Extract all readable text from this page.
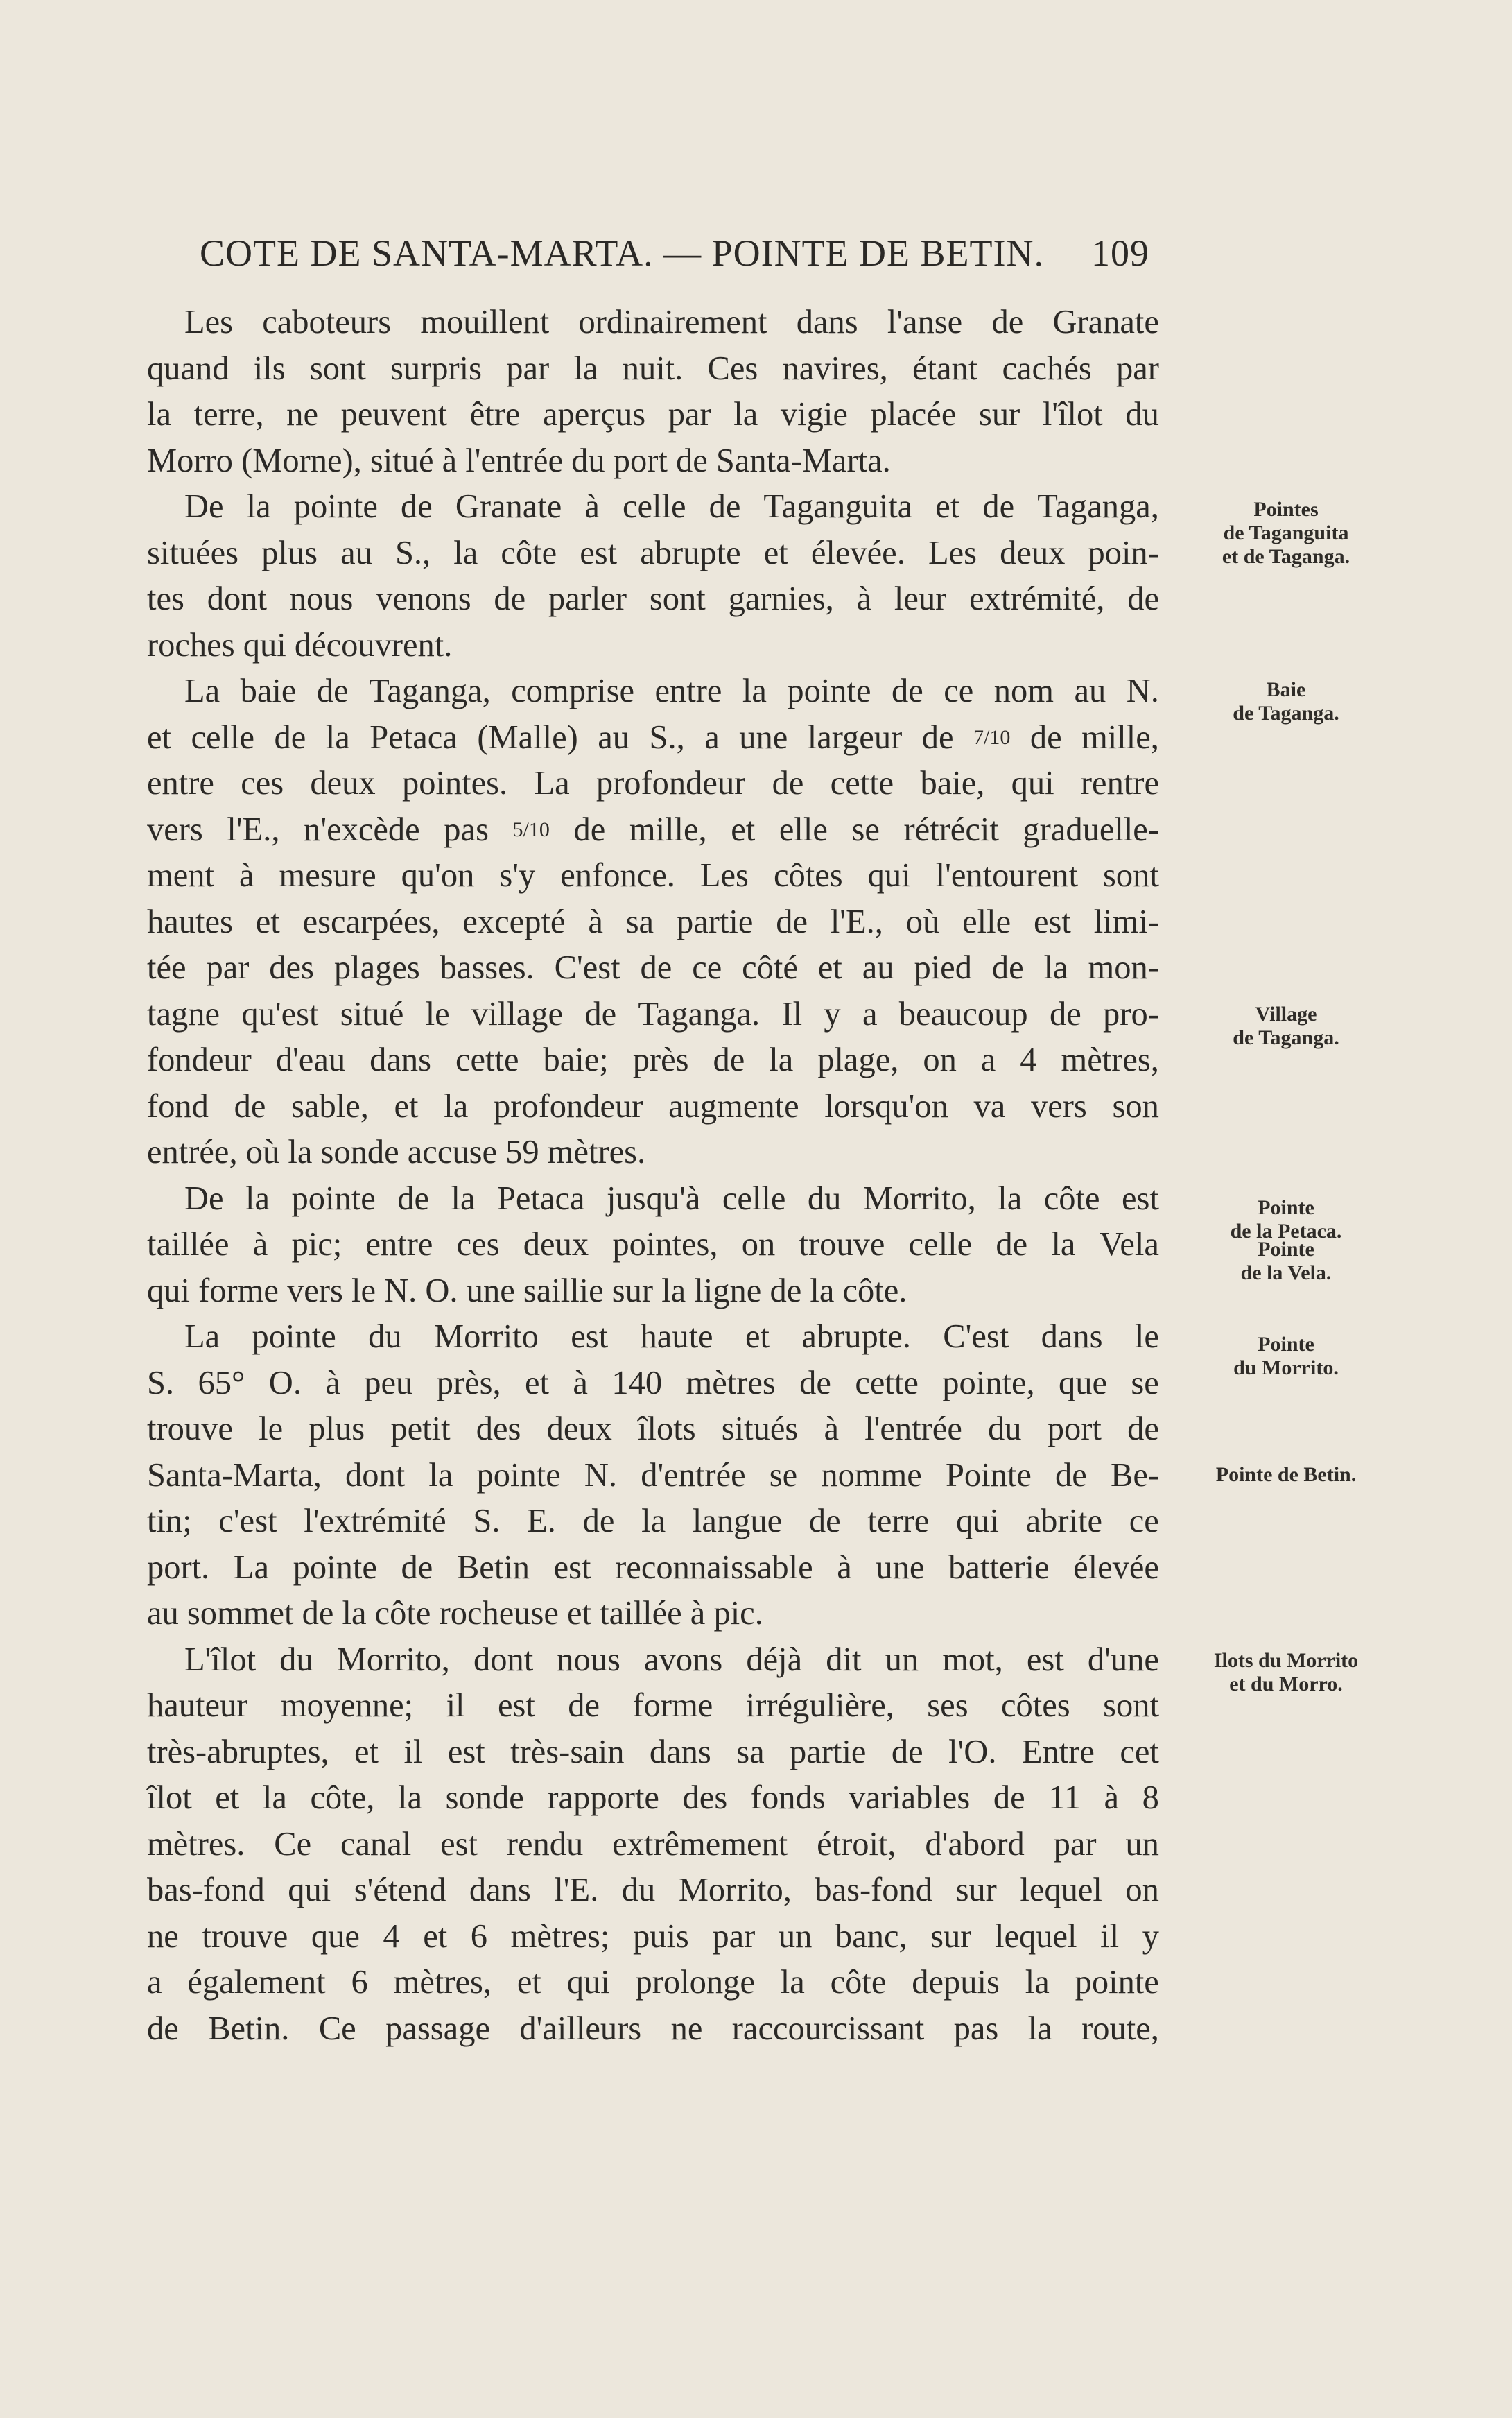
COTE DE SANTA-MARTA. — POINTE DE BETIN. 109
Les caboteurs mouillent ordinairement dans l'anse de Granate
quand ils sont surpris par la nuit. Ces navires, étant cachés par
la terre, ne peuvent être aperçus par la vigie placée sur l'îlot du
Morro (Morne), situé à l'entrée du port de Santa-Marta.
De la pointe de Granate à celle de Taganguita et de Taganga,
situées plus au S., la côte est abrupte et élevée. Les deux poin-
tes dont nous venons de parler sont garnies, à leur extrémité, de
roches qui découvrent.
La baie de Taganga, comprise entre la pointe de ce nom au N.
et celle de la Petaca (Malle) au S., a une largeur de 7/10 de mille,
entre ces deux pointes. La profondeur de cette baie, qui rentre
vers l'E., n'excède pas 5/10 de mille, et elle se rétrécit graduelle-
ment à mesure qu'on s'y enfonce. Les côtes qui l'entourent sont
hautes et escarpées, excepté à sa partie de l'E., où elle est limi-
tée par des plages basses. C'est de ce côté et au pied de la mon-
tagne qu'est situé le village de Taganga. Il y a beaucoup de pro-
fondeur d'eau dans cette baie; près de la plage, on a 4 mètres,
fond de sable, et la profondeur augmente lorsqu'on va vers son
entrée, où la sonde accuse 59 mètres.
De la pointe de la Petaca jusqu'à celle du Morrito, la côte est
taillée à pic; entre ces deux pointes, on trouve celle de la Vela
qui forme vers le N. O. une saillie sur la ligne de la côte.
La pointe du Morrito est haute et abrupte. C'est dans le
S. 65° O. à peu près, et à 140 mètres de cette pointe, que se
trouve le plus petit des deux îlots situés à l'entrée du port de
Santa-Marta, dont la pointe N. d'entrée se nomme Pointe de Be-
tin; c'est l'extrémité S. E. de la langue de terre qui abrite ce
port. La pointe de Betin est reconnaissable à une batterie élevée
au sommet de la côte rocheuse et taillée à pic.
L'îlot du Morrito, dont nous avons déjà dit un mot, est d'une
hauteur moyenne; il est de forme irrégulière, ses côtes sont
très-abruptes, et il est très-sain dans sa partie de l'O. Entre cet
îlot et la côte, la sonde rapporte des fonds variables de 11 à 8
mètres. Ce canal est rendu extrêmement étroit, d'abord par un
bas-fond qui s'étend dans l'E. du Morrito, bas-fond sur lequel on
ne trouve que 4 et 6 mètres; puis par un banc, sur lequel il y
a également 6 mètres, et qui prolonge la côte depuis la pointe
de Betin. Ce passage d'ailleurs ne raccourcissant pas la route,
Pointes
de Taganguita
et de Taganga.
Baie
de Taganga.
Village
de Taganga.
Pointe
de la Petaca.
Pointe
de la Vela.
Pointe
du Morrito.
Pointe de Betin.
Ilots du Morrito
et du Morro.
